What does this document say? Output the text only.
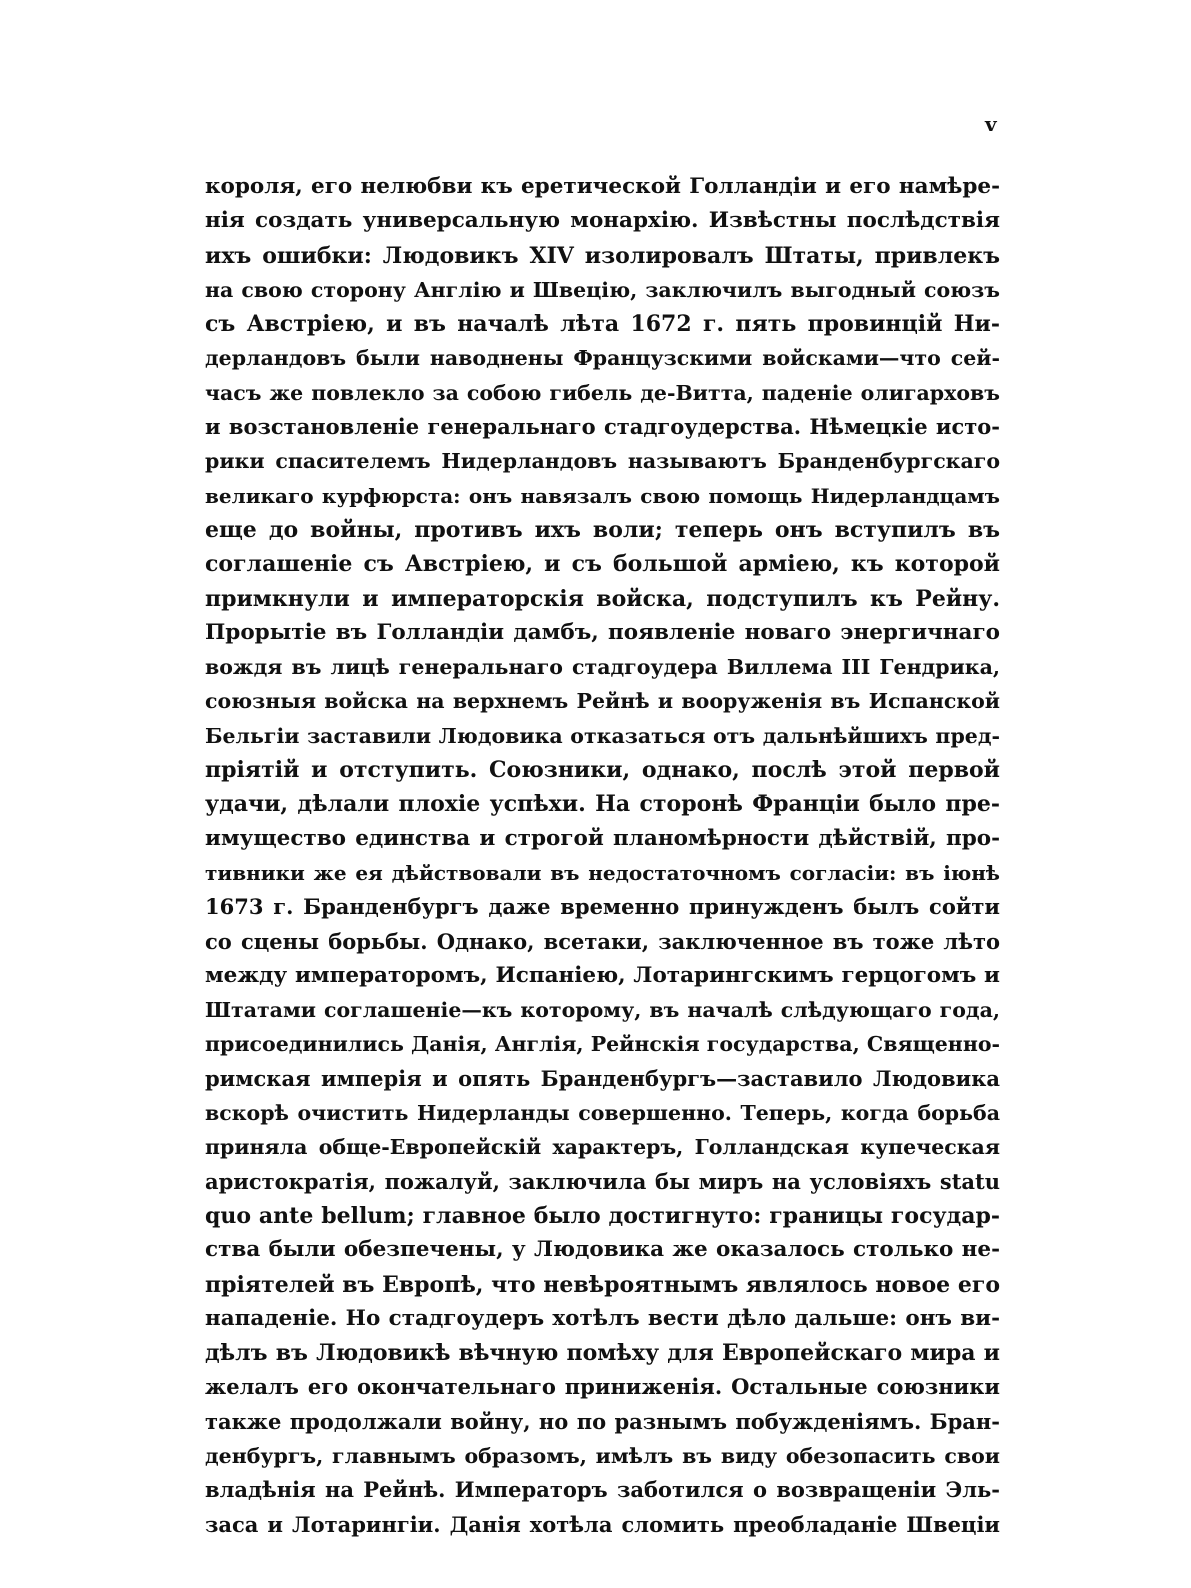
v
короля, его нелюбви къ еретической Голландіи и его намѣре-
нія создать универсальную монархію. Извѣстны послѣдствія
ихъ ошибки: Людовикъ XIV изолировалъ Штаты, привлекъ
на свою сторону Англію и Швецію, заключилъ выгодный союзъ
съ Австріею, и въ началѣ лѣта 1672 г. пять провинцій Ни-
дерландовъ были наводнены Французскими войсками—что сей-
часъ же повлекло за собою гибель де-Витта, паденіе олигарховъ
и возстановленіе генеральнаго стадгоудерства. Нѣмецкіе исто-
рики спасителемъ Нидерландовъ называютъ Бранденбургскаго
великаго курфюрста: онъ навязалъ свою помощь Нидерландцамъ
еще до войны, противъ ихъ воли; теперь онъ вступилъ въ
соглашеніе съ Австріею, и съ большой арміею, къ которой
примкнули и императорскія войска, подступилъ къ Рейну.
Прорытіе въ Голландіи дамбъ, появленіе новаго энергичнаго
вождя въ лицѣ генеральнаго стадгоудера Виллема III Гендрика,
союзныя войска на верхнемъ Рейнѣ и вооруженія въ Испанской
Бельгіи заставили Людовика отказаться отъ дальнѣйшихъ пред-
пріятій и отступить. Союзники, однако, послѣ этой первой
удачи, дѣлали плохіе успѣхи. На сторонѣ Франціи было пре-
имущество единства и строгой планомѣрности дѣйствій, про-
тивники же ея дѣйствовали въ недостаточномъ согласіи: въ іюнѣ
1673 г. Бранденбургъ даже временно принужденъ былъ сойти
со сцены борьбы. Однако, всетаки, заключенное въ тоже лѣто
между императоромъ, Испаніею, Лотарингскимъ герцогомъ и
Штатами соглашеніе—къ которому, въ началѣ слѣдующаго года,
присоединились Данія, Англія, Рейнскія государства, Священно-
римская имперія и опять Бранденбургъ—заставило Людовика
вскорѣ очистить Нидерланды совершенно. Теперь, когда борьба
приняла обще-Европейскій характеръ, Голландская купеческая
аристократія, пожалуй, заключила бы миръ на условіяхъ statu
quo ante bellum; главное было достигнуто: границы государ-
ства были обезпечены, у Людовика же оказалось столько не-
пріятелей въ Европѣ, что невѣроятнымъ являлось новое его
нападеніе. Но стадгоудеръ хотѣлъ вести дѣло дальше: онъ ви-
дѣлъ въ Людовикѣ вѣчную помѣху для Европейскаго мира и
желалъ его окончательнаго приниженія. Остальные союзники
также продолжали войну, но по разнымъ побужденіямъ. Бран-
денбургъ, главнымъ образомъ, имѣлъ въ виду обезопасить свои
владѣнія на Рейнѣ. Императоръ заботился о возвращеніи Эль-
заса и Лотарингіи. Данія хотѣла сломить преобладаніе Швеціи
